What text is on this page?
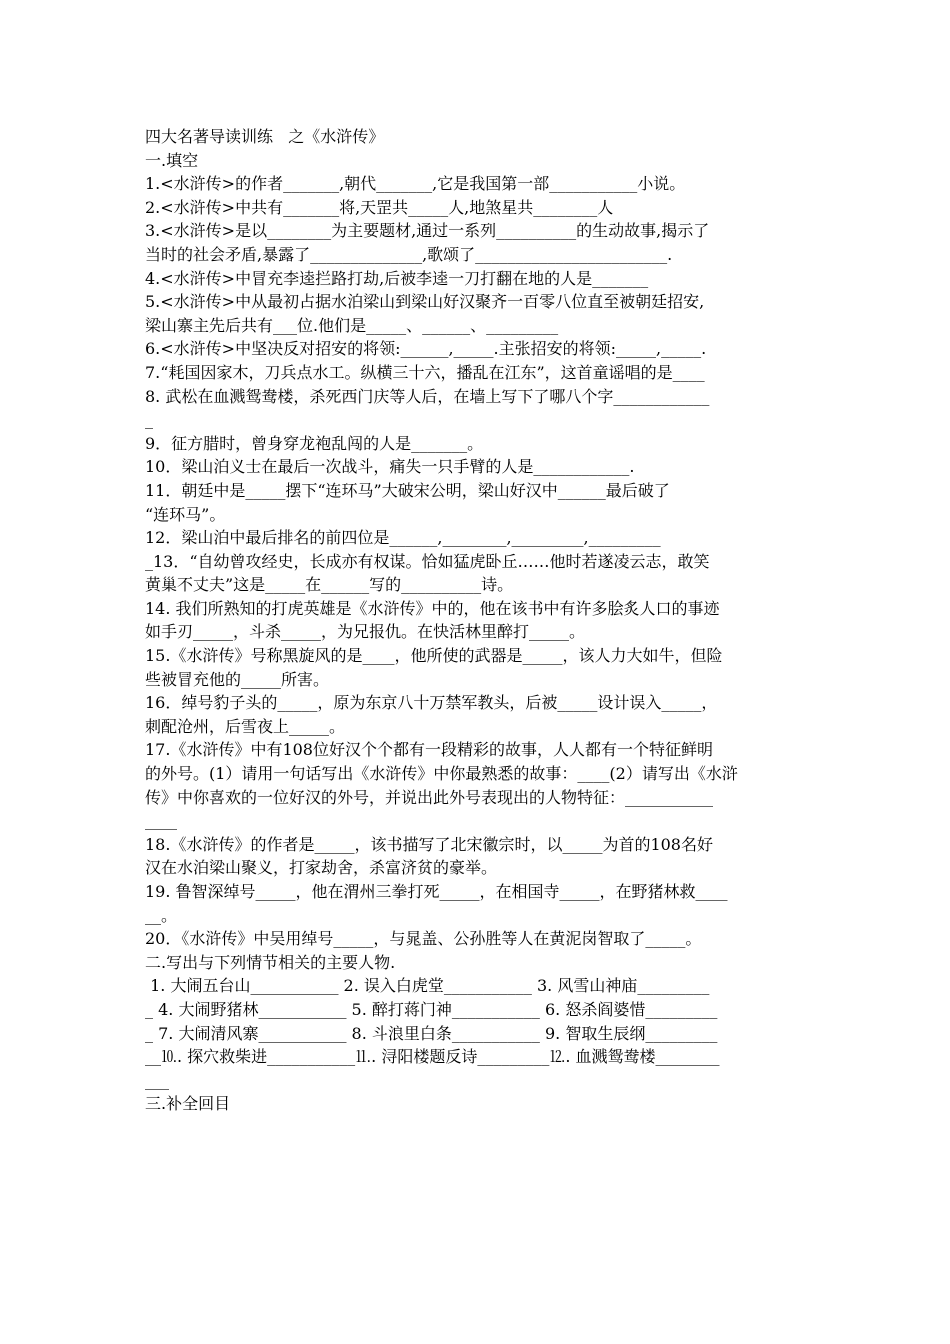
四大名著导读训练   之《水浒传》
一.填空
1.<水浒传>的作者_______,朝代_______,它是我国第一部___________小说。
2.<水浒传>中共有_______将,天罡共_____人,地煞星共________人
3.<水浒传>是以________为主要题材,通过一系列__________的生动故事,揭示了
当时的社会矛盾,暴露了______________,歌颂了________________________.
4.<水浒传>中冒充李逵拦路打劫,后被李逵一刀打翻在地的人是_______
5.<水浒传>中从最初占据水泊梁山到梁山好汉聚齐一百零八位直至被朝廷招安,
梁山寨主先后共有___位.他们是_____、______、_________
6.<水浒传>中坚决反对招安的将领:______,_____.主张招安的将领:_____,_____.
7.“耗国因家木，刀兵点水工。纵横三十六，播乱在江东”，这首童谣唱的是____
8. 武松在血溅鸳鸯楼，杀死西门庆等人后，在墙上写下了哪八个字____________
_
9．征方腊时，曾身穿龙袍乱闯的人是_______。
10．梁山泊义士在最后一次战斗，痛失一只手臂的人是____________.
11．朝廷中是_____摆下“连环马”大破宋公明，梁山好汉中______最后破了
“连环马”。
12．梁山泊中最后排名的前四位是______,________,_________,_________
_13．“自幼曾攻经史，长成亦有权谋。恰如猛虎卧丘……他时若遂凌云志，敢笑
黄巢不丈夫”这是_____在______写的__________诗。
14. 我们所熟知的打虎英雄是《水浒传》中的，他在该书中有许多脍炙人口的事迹
如手刃_____，斗杀_____，为兄报仇。在快活林里醉打_____。
15.《水浒传》号称黑旋风的是____，他所使的武器是_____，该人力大如牛，但险
些被冒充他的_____所害。
16．绰号豹子头的_____，原为东京八十万禁军教头，后被_____设计误入_____，
刺配沧州，后雪夜上_____。
17.《水浒传》中有108位好汉个个都有一段精彩的故事，人人都有一个特征鲜明
的外号。(1）请用一句话写出《水浒传》中你最熟悉的故事：____(2）请写出《水浒
传》中你喜欢的一位好汉的外号，并说出此外号表现出的人物特征：___________
____
18.《水浒传》的作者是_____，该书描写了北宋徽宗时，以_____为首的108名好
汉在水泊梁山聚义，打家劫舍，杀富济贫的豪举。
19. 鲁智深绰号_____，他在渭州三拳打死_____，在相国寺_____，在野猪林救____
__。
20．《水浒传》中吴用绰号_____，与晁盖、公孙胜等人在黄泥岗智取了_____。
二.写出与下列情节相关的主要人物.
1. 大闹五台山___________ 2. 误入白虎堂___________ 3. 风雪山神庙_________
_ 4. 大闹野猪林___________ 5. 醉打蒋门神___________ 6. 怒杀阎婆惜_________
_ 7. 大闹清风寨___________ 8. 斗浪里白条___________ 9. 智取生辰纲_________
__⒑. 探穴救柴进___________⒒. 浔阳楼题反诗_________⒓. 血溅鸳鸯楼________
___
三.补全回目
